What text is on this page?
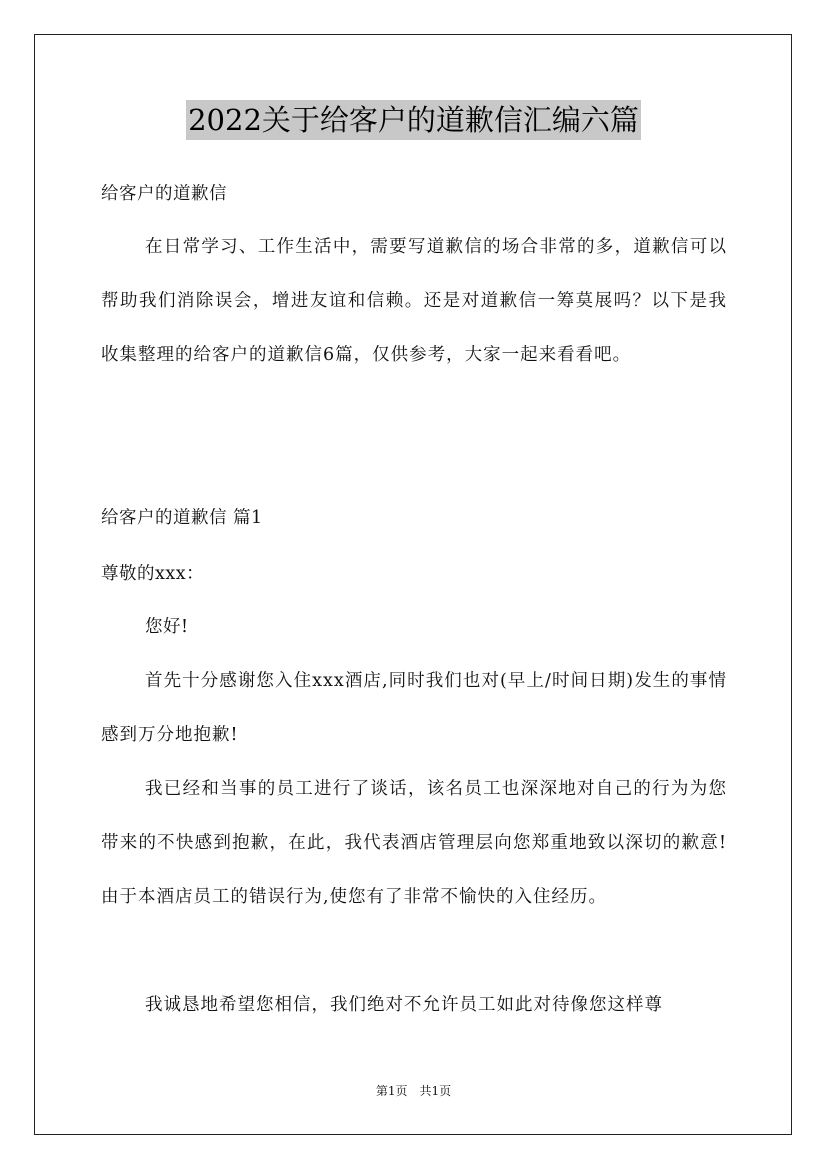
2022关于给客户的道歉信汇编六篇
给客户的道歉信
在日常学习、工作生活中，需要写道歉信的场合非常的多，道歉信可以帮助我们消除误会，增进友谊和信赖。还是对道歉信一筹莫展吗？以下是我收集整理的给客户的道歉信6篇，仅供参考，大家一起来看看吧。
给客户的道歉信 篇1
尊敬的xxx：
您好!
首先十分感谢您入住xxx酒店,同时我们也对(早上/时间日期)发生的事情感到万分地抱歉!
我已经和当事的员工进行了谈话，该名员工也深深地对自己的行为为您带来的不快感到抱歉，在此，我代表酒店管理层向您郑重地致以深切的歉意!由于本酒店员工的错误行为,使您有了非常不愉快的入住经历。
我诚恳地希望您相信，我们绝对不允许员工如此对待像您这样尊
第1页　共1页
